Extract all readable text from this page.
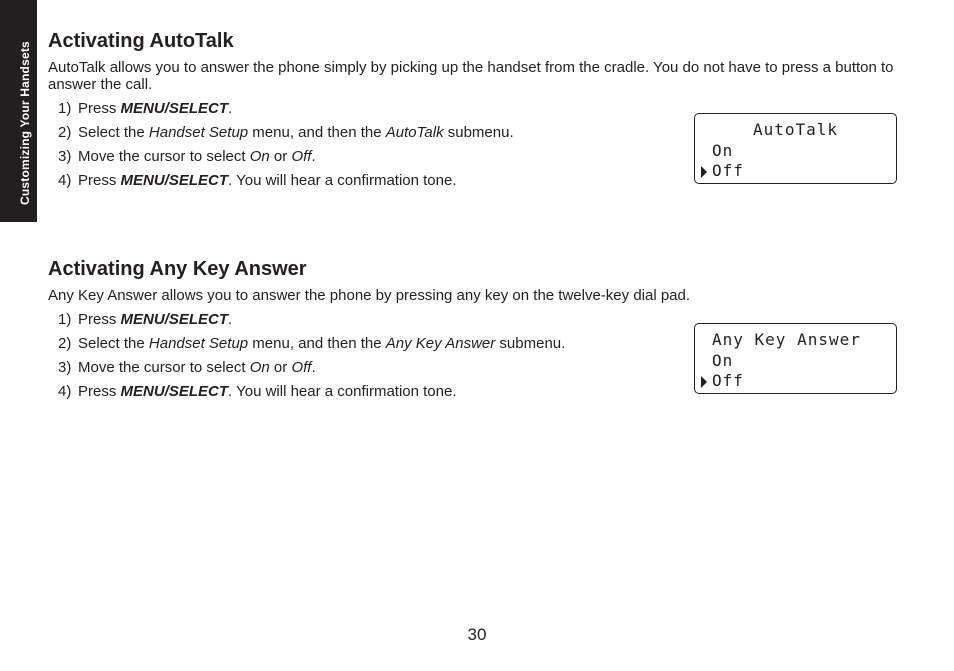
Customizing Your Handsets
Activating AutoTalk

AutoTalk allows you to answer the phone simply by picking up the handset from the cradle. You do not have to press a button to answer the call.

1) Press MENU/SELECT.
2) Select the Handset Setup menu, and then the AutoTalk submenu.
3) Move the cursor to select On or Off.
4) Press MENU/SELECT. You will hear a confirmation tone.
AutoTalk
On
Off
Activating Any Key Answer

Any Key Answer allows you to answer the phone by pressing any key on the twelve-key dial pad.

1) Press MENU/SELECT.
2) Select the Handset Setup menu, and then the Any Key Answer submenu.
3) Move the cursor to select On or Off.
4) Press MENU/SELECT. You will hear a confirmation tone.
Any Key Answer
On
Off
30
